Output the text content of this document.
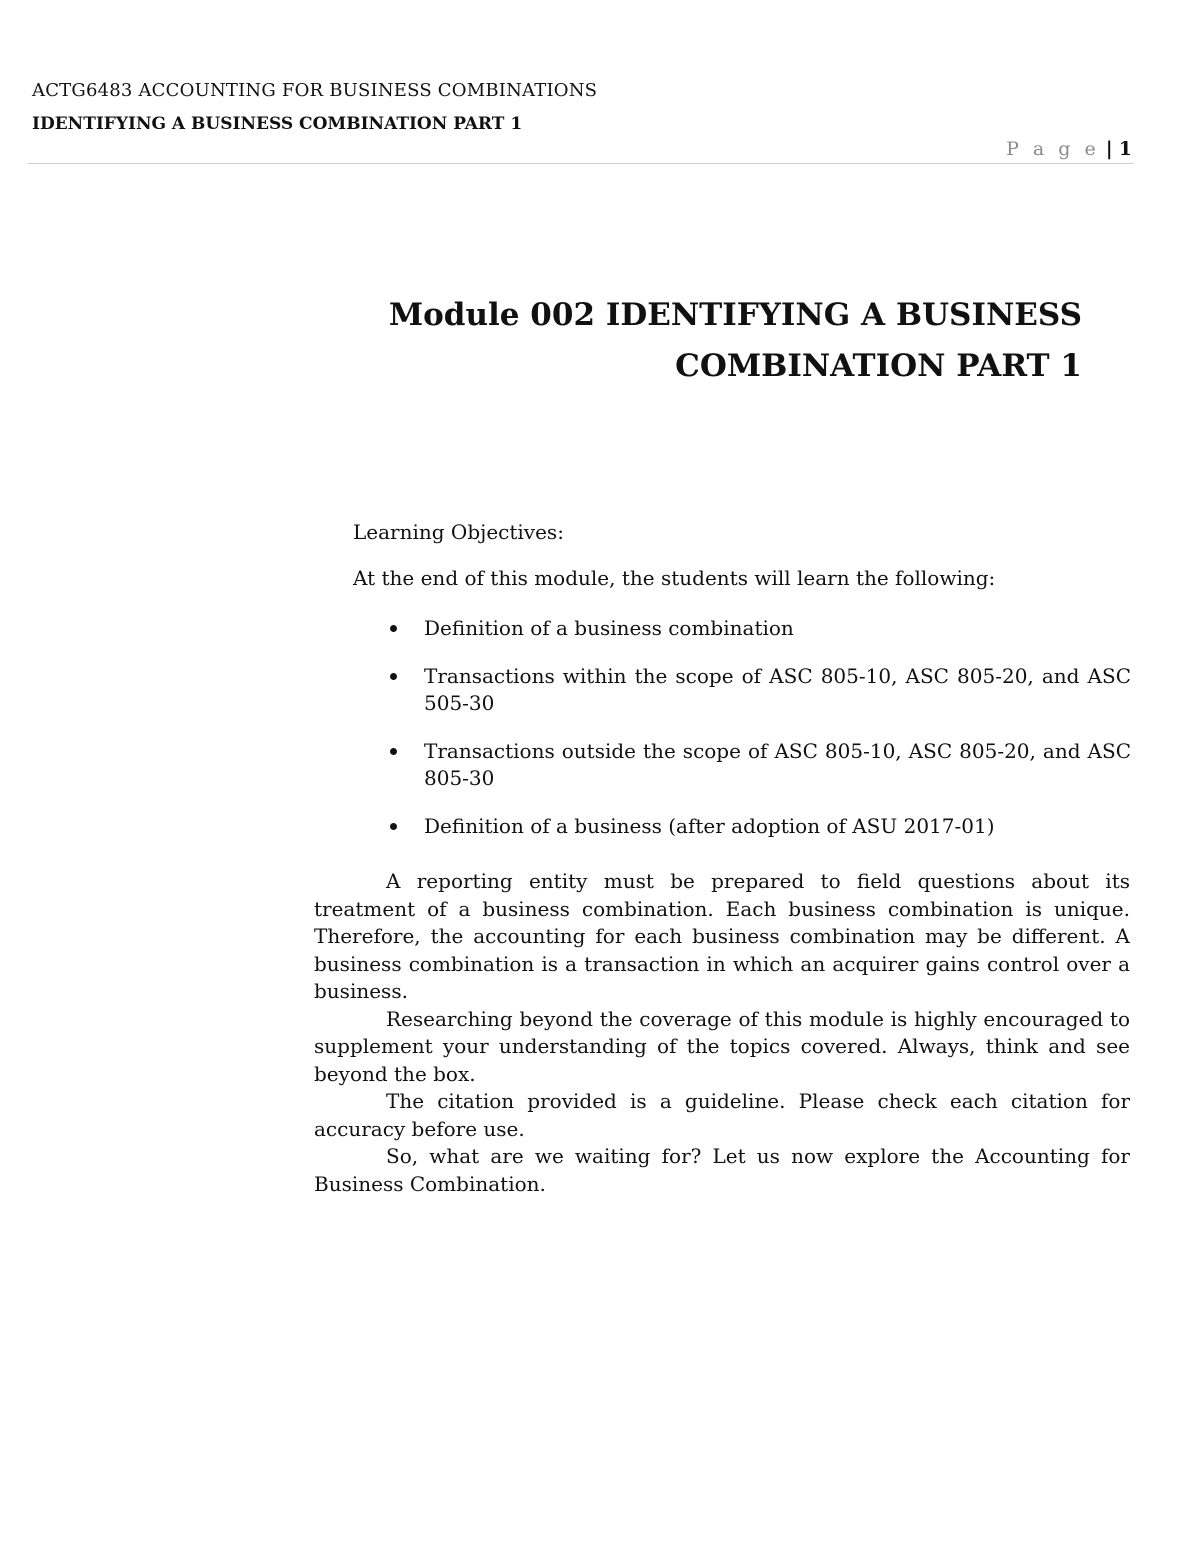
ACTG6483 ACCOUNTING FOR BUSINESS COMBINATIONS
IDENTIFYING A BUSINESS COMBINATION PART 1
P a g e | 1
Module 002 IDENTIFYING A BUSINESS
COMBINATION PART 1
Learning Objectives:
At the end of this module, the students will learn the following:
Definition of a business combination
Transactions within the scope of ASC 805-10, ASC 805-20, and ASC 505-30
Transactions outside the scope of ASC 805-10, ASC 805-20, and ASC 805-30
Definition of a business (after adoption of ASU 2017-01)

A reporting entity must be prepared to field questions about its treatment of a business combination. Each business combination is unique. Therefore, the accounting for each business combination may be different. A business combination is a transaction in which an acquirer gains control over a business.

Researching beyond the coverage of this module is highly encouraged to supplement your understanding of the topics covered. Always, think and see beyond the box.

The citation provided is a guideline. Please check each citation for accuracy before use.

So, what are we waiting for? Let us now explore the Accounting for Business Combination.
